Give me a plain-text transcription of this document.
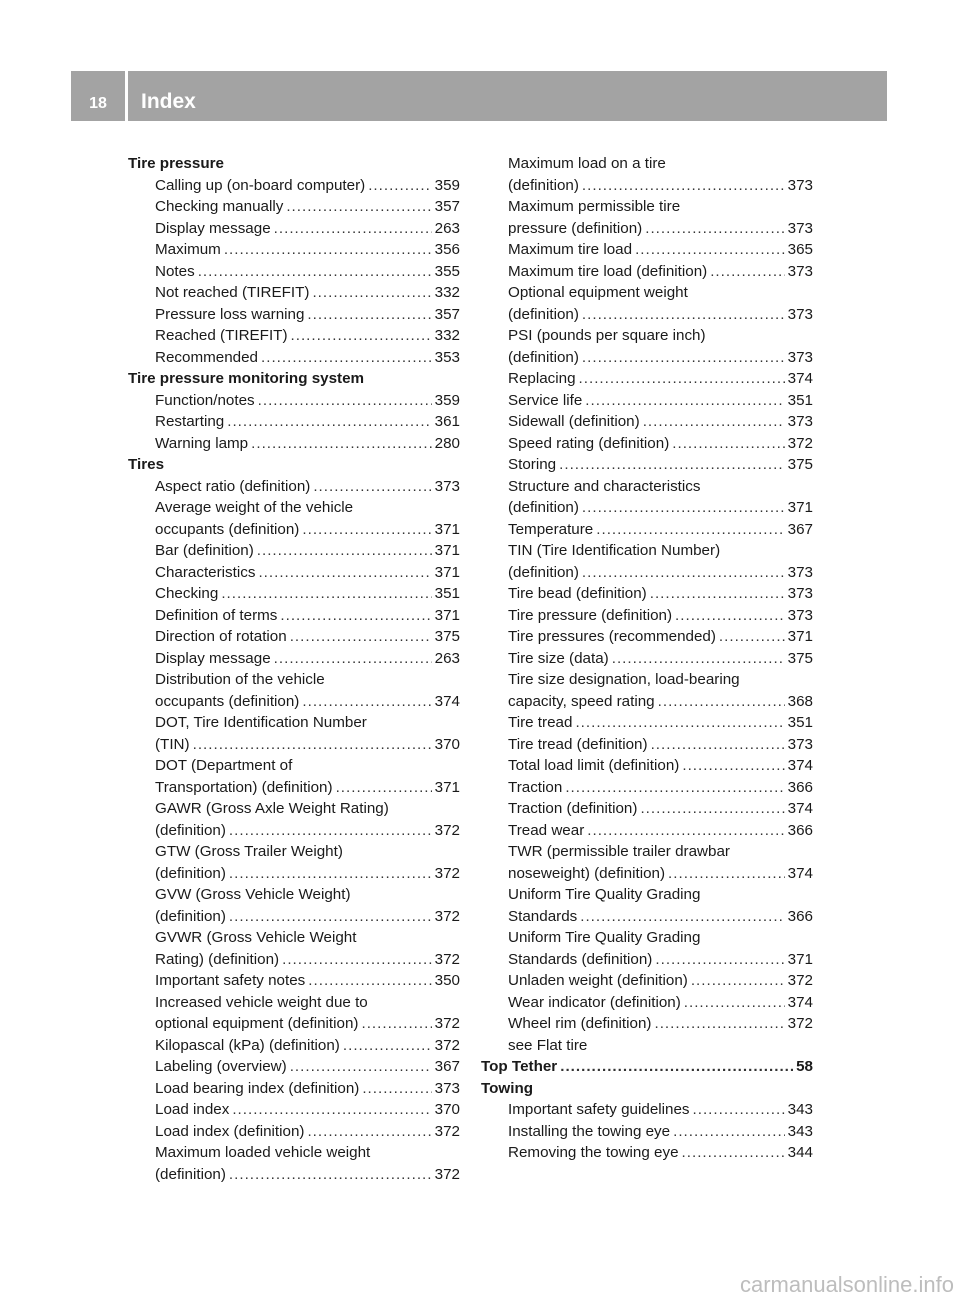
18	Index
Tire pressure
Calling up (on-board computer) .....	359
Checking manually .....	357
Display message .....	263
Maximum .....	356
Notes .....	355
Not reached (TIREFIT) .....	332
Pressure loss warning .....	357
Reached (TIREFIT) .....	332
Recommended .....	353
Tire pressure monitoring system
Function/notes .....	359
Restarting .....	361
Warning lamp .....	280
Tires
Aspect ratio (definition) .....	373
Average weight of the vehicle
occupants (definition) .....	371
Bar (definition) .....	371
Characteristics .....	371
Checking .....	351
Definition of terms .....	371
Direction of rotation .....	375
Display message .....	263
Distribution of the vehicle
occupants (definition) .....	374
DOT, Tire Identification Number
(TIN) .....	370
DOT (Department of
Transportation) (definition) .....	371
GAWR (Gross Axle Weight Rating)
(definition) .....	372
GTW (Gross Trailer Weight)
(definition) .....	372
GVW (Gross Vehicle Weight)
(definition) .....	372
GVWR (Gross Vehicle Weight
Rating) (definition) .....	372
Important safety notes .....	350
Increased vehicle weight due to
optional equipment (definition) .....	372
Kilopascal (kPa) (definition) .....	372
Labeling (overview) .....	367
Load bearing index (definition) .....	373
Load index .....	370
Load index (definition) .....	372
Maximum loaded vehicle weight
(definition) .....	372
Maximum load on a tire
(definition) .....	373
Maximum permissible tire
pressure (definition) .....	373
Maximum tire load .....	365
Maximum tire load (definition) .....	373
Optional equipment weight
(definition) .....	373
PSI (pounds per square inch)
(definition) .....	373
Replacing .....	374
Service life .....	351
Sidewall (definition) .....	373
Speed rating (definition) .....	372
Storing .....	375
Structure and characteristics
(definition) .....	371
Temperature .....	367
TIN (Tire Identification Number)
(definition) .....	373
Tire bead (definition) .....	373
Tire pressure (definition) .....	373
Tire pressures (recommended) .....	371
Tire size (data) .....	375
Tire size designation, load-bearing
capacity, speed rating .....	368
Tire tread .....	351
Tire tread (definition) .....	373
Total load limit (definition) .....	374
Traction .....	366
Traction (definition) .....	374
Tread wear .....	366
TWR (permissible trailer drawbar
noseweight) (definition) .....	374
Uniform Tire Quality Grading
Standards .....	366
Uniform Tire Quality Grading
Standards (definition) .....	371
Unladen weight (definition) .....	372
Wear indicator (definition) .....	374
Wheel rim (definition) .....	372
see Flat tire
Top Tether .....	58
Towing
Important safety guidelines .....	343
Installing the towing eye .....	343
Removing the towing eye .....	344
carmanualsonline.info
